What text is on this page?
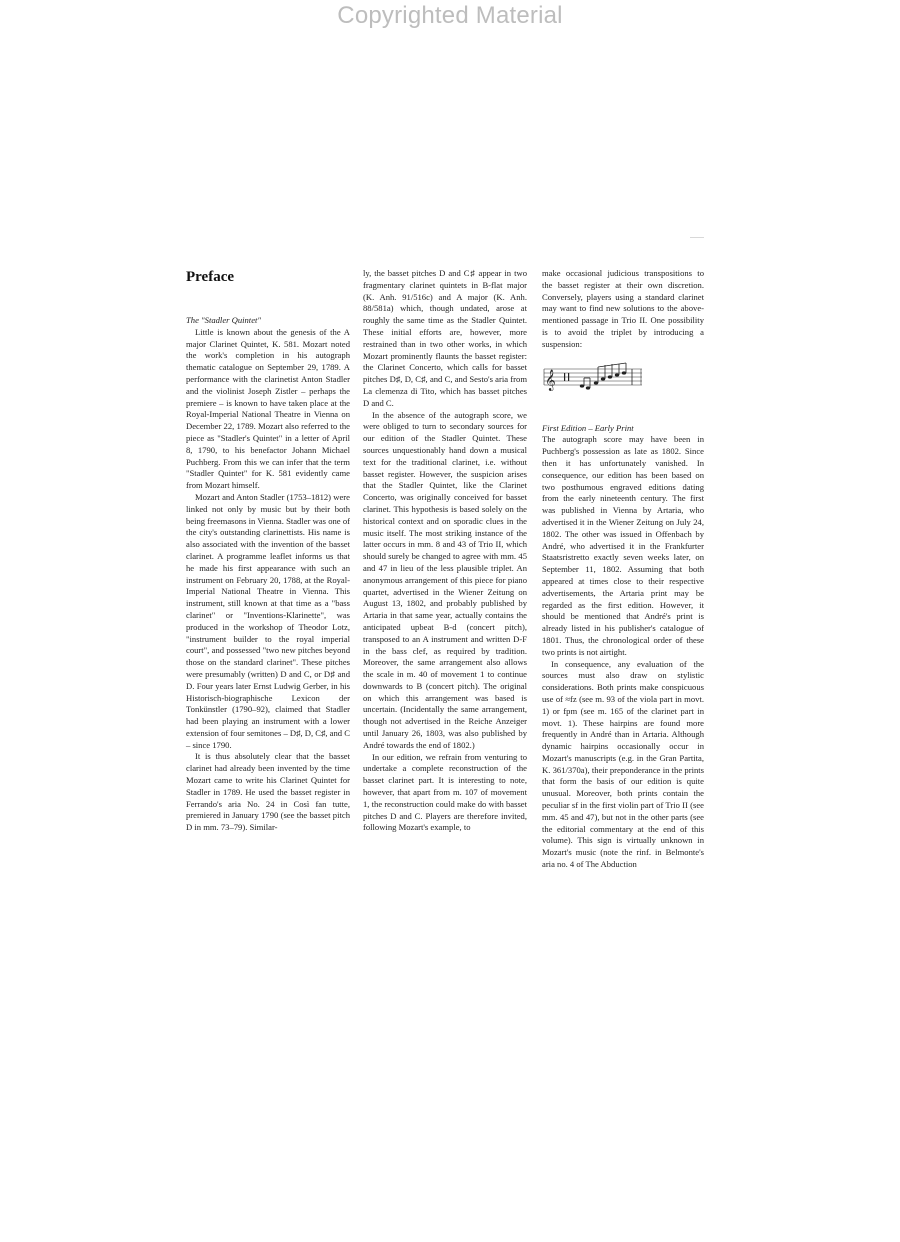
Copyrighted Material
Preface

The "Stadler Quintet"

Little is known about the genesis of the A major Clarinet Quintet, K. 581. Mozart noted the work's completion in his autograph thematic catalogue on September 29, 1789. A performance with the clarinetist Anton Stadler and the violinist Joseph Zistler – perhaps the premiere – is known to have taken place at the Royal-Imperial National Theatre in Vienna on December 22, 1789. Mozart also referred to the piece as "Stadler's Quintet" in a letter of April 8, 1790, to his benefactor Johann Michael Puchberg. From this we can infer that the term "Stadler Quintet" for K. 581 evidently came from Mozart himself.

Mozart and Anton Stadler (1753–1812) were linked not only by music but by their both being freemasons in Vienna. Stadler was one of the city's outstanding clarinettists. His name is also associated with the invention of the basset clarinet. A programme leaflet informs us that he made his first appearance with such an instrument on February 20, 1788, at the Royal-Imperial National Theatre in Vienna. This instrument, still known at that time as a "bass clarinet" or "Inventions-Klarinette", was produced in the workshop of Theodor Lotz, "instrument builder to the royal imperial court", and possessed "two new pitches beyond those on the standard clarinet". These pitches were presumably (written) D and C, or D♯ and D. Four years later Ernst Ludwig Gerber, in his Historisch-biographische Lexicon der Tonkünstler (1790–92), claimed that Stadler had been playing an instrument with a lower extension of four semitones – D♯, D, C♯, and C – since 1790.

It is thus absolutely clear that the basset clarinet had already been invented by the time Mozart came to write his Clarinet Quintet for Stadler in 1789. He used the basset register in Ferrando's aria No. 24 in Così fan tutte, premiered in January 1790 (see the basset pitch D in mm. 73–79). Similar-

ly, the basset pitches D and C♯ appear in two fragmentary clarinet quintets in B-flat major (K. Anh. 91/516c) and A major (K. Anh. 88/581a) which, though undated, arose at roughly the same time as the Stadler Quintet. These initial efforts are, however, more restrained than in two other works, in which Mozart prominently flaunts the basset register: the Clarinet Concerto, which calls for basset pitches D♯, D, C♯, and C, and Sesto's aria from La clemenza di Tito, which has basset pitches D and C.

In the absence of the autograph score, we were obliged to turn to secondary sources for our edition of the Stadler Quintet. These sources unquestionably hand down a musical text for the traditional clarinet, i.e. without basset register. However, the suspicion arises that the Stadler Quintet, like the Clarinet Concerto, was originally conceived for basset clarinet. This hypothesis is based solely on the historical context and on sporadic clues in the music itself. The most striking instance of the latter occurs in mm. 8 and 43 of Trio II, which should surely be changed to agree with mm. 45 and 47 in lieu of the less plausible triplet. An anonymous arrangement of this piece for piano quartet, advertised in the Wiener Zeitung on August 13, 1802, and probably published by Artaria in that same year, actually contains the anticipated upbeat B-d (concert pitch), transposed to an A instrument and written D-F in the bass clef, as required by tradition. Moreover, the same arrangement also allows the scale in m. 40 of movement 1 to continue downwards to B (concert pitch). The original on which this arrangement was based is uncertain. (Incidentally the same arrangement, though not advertised in the Reiche Anzeiger until January 26, 1803, was also published by André towards the end of 1802.)

In our edition, we refrain from venturing to undertake a complete reconstruction of the basset clarinet part. It is interesting to note, however, that apart from m. 107 of movement 1, the reconstruction could make do with basset pitches D and C. Players are therefore invited, following Mozart's example, to

make occasional judicious transpositions to the basset register at their own discretion. Conversely, players using a standard clarinet may want to find new solutions to the above-mentioned passage in Trio II. One possibility is to avoid the triplet by introducing a suspension:

𝄞

First Edition – Early Print

The autograph score may have been in Puchberg's possession as late as 1802. Since then it has unfortunately vanished. In consequence, our edition has been based on two posthumous engraved editions dating from the early nineteenth century. The first was published in Vienna by Artaria, who advertised it in the Wiener Zeitung on July 24, 1802. The other was issued in Offenbach by André, who advertised it in the Frankfurter Staatsristretto exactly seven weeks later, on September 11, 1802. Assuming that both appeared at times close to their respective advertisements, the Artaria print may be regarded as the first edition. However, it should be mentioned that André's print is already listed in his publisher's catalogue of 1801. Thus, the chronological order of these two prints is not airtight.

In consequence, any evaluation of the sources must also draw on stylistic considerations. Both prints make conspicuous use of ≈fz (see m. 93 of the viola part in movt. 1) or fpm (see m. 165 of the clarinet part in movt. 1). These hairpins are found more frequently in André than in Artaria. Although dynamic hairpins occasionally occur in Mozart's manuscripts (e.g. in the Gran Partita, K. 361/370a), their preponderance in the prints that form the basis of our edition is quite unusual. Moreover, both prints contain the peculiar sf in the first violin part of Trio II (see mm. 45 and 47), but not in the other parts (see the editorial commentary at the end of this volume). This sign is virtually unknown in Mozart's music (note the rinf. in Belmonte's aria no. 4 of The Abduction
